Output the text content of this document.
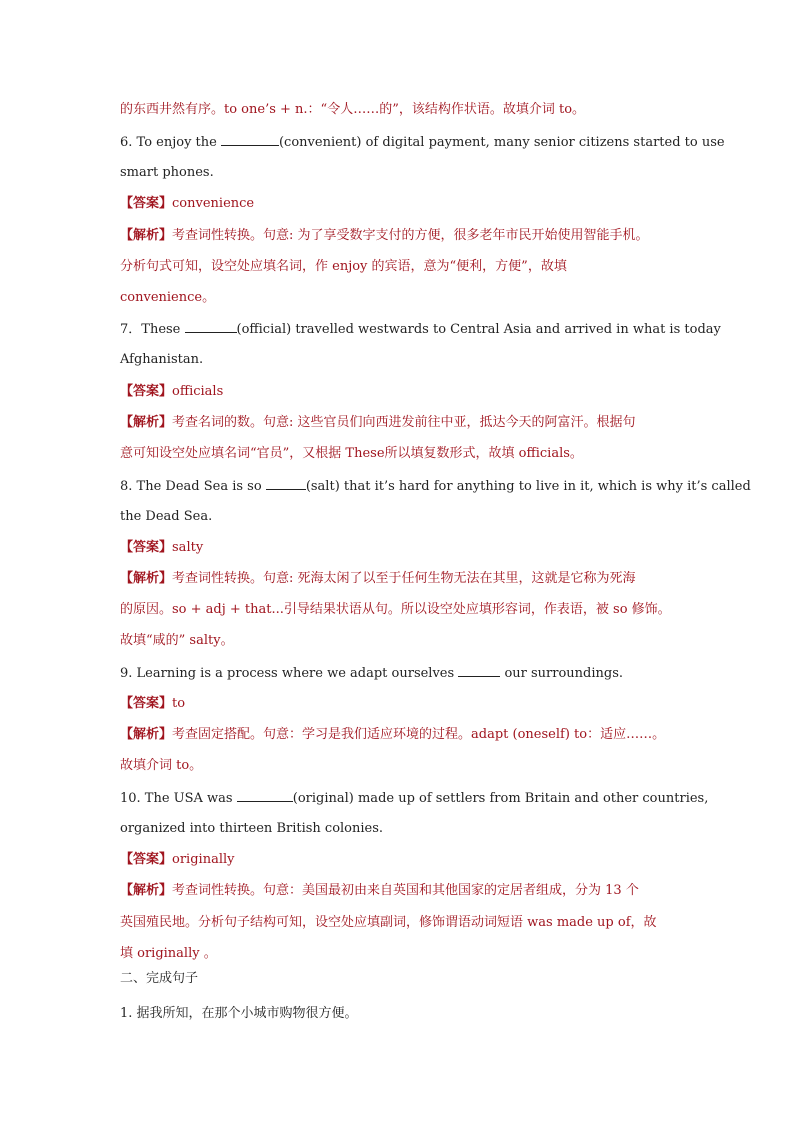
的东西井然有序。to one’s + n.：“令人……的”，该结构作状语。故填介词 to。
6. To enjoy the	(convenient) of digital payment, many senior citizens started to use
smart phones.
【答案】convenience
【解析】考查词性转换。句意: 为了享受数字支付的方便，很多老年市民开始使用智能手机。
分析句式可知，设空处应填名词，作 enjoy 的宾语，意为“便利，方便”，故填
convenience。
7．These	(official) travelled westwards to Central Asia and arrived in what is today
Afghanistan.
【答案】officials
【解析】考查名词的数。句意: 这些官员们向西进发前往中亚，抵达今天的阿富汗。根据句
意可知设空处应填名词“官员”，又根据 These所以填复数形式，故填 officials。
8. The Dead Sea is so	(salt) that it’s hard for anything to live in it, which is why it’s called
the Dead Sea.
【答案】salty
【解析】考查词性转换。句意: 死海太闲了以至于任何生物无法在其里，这就是它称为死海
的原因。so + adj + that...引导结果状语从句。所以设空处应填形容词，作表语，被 so 修饰。
故填“咸的” salty。
9. Learning is a process where we adapt ourselves	our surroundings.
【答案】to
【解析】考查固定搭配。句意：学习是我们适应环境的过程。adapt (oneself) to：适应……。
故填介词 to。
10. The USA was	(original) made up of settlers from Britain and other countries,
organized into thirteen British colonies.
【答案】originally
【解析】考查词性转换。句意：美国最初由来自英国和其他国家的定居者组成，分为 13 个
英国殖民地。分析句子结构可知，设空处应填副词，修饰谓语动词短语 was made up of，故
填 originally 。
二、完成句子
1. 据我所知，在那个小城市购物很方便。
